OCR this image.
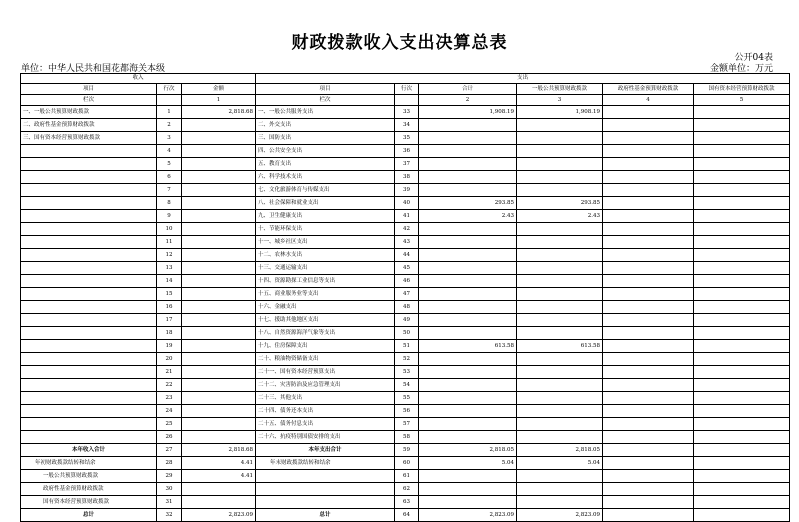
财政拨款收入支出决算总表
公开04表
单位：中华人民共和国花都海关本级	金额单位：万元
收入			支出					
项目	行次	金额	项目	行次	合计	一般公共预算财政拨款	政府性基金预算财政拨款	国有资本经营预算财政拨款
栏次		1	栏次		2	3	4	5
一、一般公共预算财政拨款	1	2,818.68	一、一般公共服务支出	33	1,908.19	1,908.19		
二、政府性基金预算财政拨款	2		二、外交支出	34				
三、国有资本经营预算财政拨款	3		三、国防支出	35				
	4		四、公共安全支出	36				
	5		五、教育支出	37				
	6		六、科学技术支出	38				
	7		七、文化旅游体育与传媒支出	39				
	8		八、社会保障和就业支出	40	293.85	293.85		
	9		九、卫生健康支出	41	2.43	2.43		
	10		十、节能环保支出	42				
	11		十一、城乡社区支出	43				
	12		十二、农林水支出	44				
	13		十三、交通运输支出	45				
	14		十四、资源勘探工业信息等支出	46				
	15		十五、商业服务业等支出	47				
	16		十六、金融支出	48				
	17		十七、援助其他地区支出	49				
	18		十八、自然资源海洋气象等支出	50				
	19		十九、住房保障支出	51	613.58	613.58		
	20		二十、粮油物资储备支出	52				
	21		二十一、国有资本经营预算支出	53				
	22		二十二、灾害防治及应急管理支出	54				
	23		二十三、其他支出	55				
	24		二十四、债务还本支出	56				
	25		二十五、债务付息支出	57				
	26		二十六、抗疫特别国债安排的支出	58				
本年收入合计	27	2,818.68	本年支出合计	59	2,818.05	2,818.05		
年初财政拨款结转和结余	28	4.41	年末财政拨款结转和结余	60	5.04	5.04		
一般公共预算财政拨款	29	4.41		61				
政府性基金预算财政拨款	30			62				
国有资本经营预算财政拨款	31			63				
总计	32	2,823.09	总计	64	2,823.09	2,823.09		
